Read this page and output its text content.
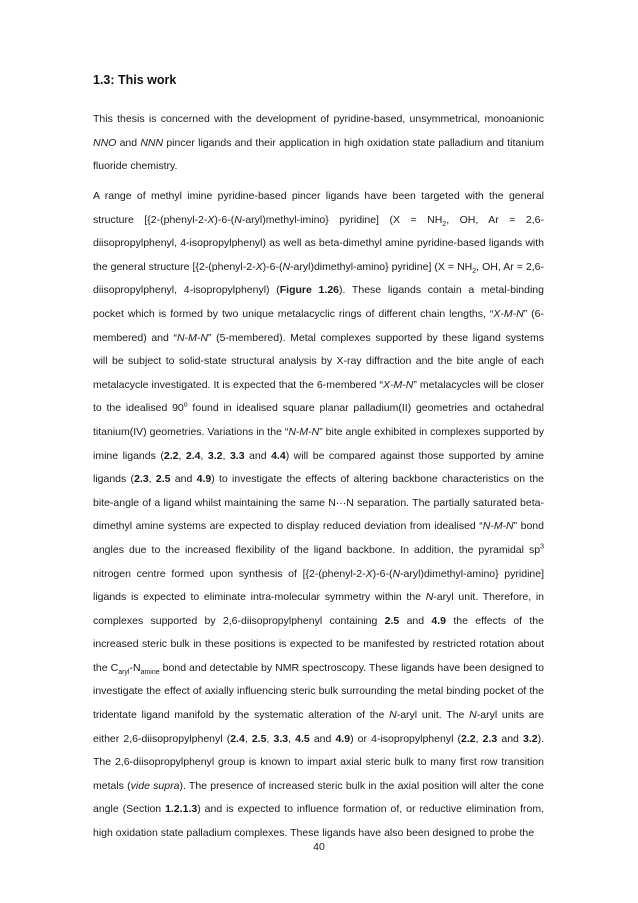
1.3: This work

This thesis is concerned with the development of pyridine-based, unsymmetrical, monoanionic NNO and NNN pincer ligands and their application in high oxidation state palladium and titanium fluoride chemistry.

A range of methyl imine pyridine-based pincer ligands have been targeted with the general structure [{2-(phenyl-2-X)-6-(N-aryl)methyl-imino} pyridine] ($X = NH_2$, OH, Ar = 2,6-diisopropylphenyl, 4-isopropylphenyl) as well as beta-dimethyl amine pyridine-based ligands with the general structure [{2-(phenyl-2-X)-6-(N-aryl)dimethyl-amino} pyridine] ($X = NH_2$, OH, Ar = 2,6-diisopropylphenyl, 4-isopropylphenyl) (Figure 1.26). These ligands contain a metal-binding pocket which is formed by two unique metalacyclic rings of different chain lengths, “X-M-N” (6-membered) and “N-M-N” (5-membered). Metal complexes supported by these ligand systems will be subject to solid-state structural analysis by X-ray diffraction and the bite angle of each metalacycle investigated. It is expected that the 6-membered “X-M-N” metalacycles will be closer to the idealised 90$^o$ found in idealised square planar palladium(II) geometries and octahedral titanium(IV) geometries. Variations in the “N-M-N” bite angle exhibited in complexes supported by imine ligands (2.2, 2.4, 3.2, 3.3 and 4.4) will be compared against those supported by amine ligands (2.3, 2.5 and 4.9) to investigate the effects of altering backbone characteristics on the bite-angle of a ligand whilst maintaining the same N···N separation. The partially saturated beta-dimethyl amine systems are expected to display reduced deviation from idealised “N-M-N” bond angles due to the increased flexibility of the ligand backbone. In addition, the pyramidal $sp^3$ nitrogen centre formed upon synthesis of [{2-(phenyl-2-X)-6-(N-aryl)dimethyl-amino} pyridine] ligands is expected to eliminate intra-molecular symmetry within the N-aryl unit. Therefore, in complexes supported by 2,6-diisopropylphenyl containing 2.5 and 4.9 the effects of the increased steric bulk in these positions is expected to be manifested by restricted rotation about the $C_{aryl}-N_{amine}$ bond and detectable by NMR spectroscopy. These ligands have been designed to investigate the effect of axially influencing steric bulk surrounding the metal binding pocket of the tridentate ligand manifold by the systematic alteration of the N-aryl unit. The N-aryl units are either 2,6-diisopropylphenyl (2.4, 2.5, 3.3, 4.5 and 4.9) or 4-isopropylphenyl (2.2, 2.3 and 3.2). The 2,6-diisopropylphenyl group is known to impart axial steric bulk to many first row transition metals (vide supra). The presence of increased steric bulk in the axial position will alter the cone angle (Section 1.2.1.3) and is expected to influence formation of, or reductive elimination from, high oxidation state palladium complexes. These ligands have also been designed to probe the

40
